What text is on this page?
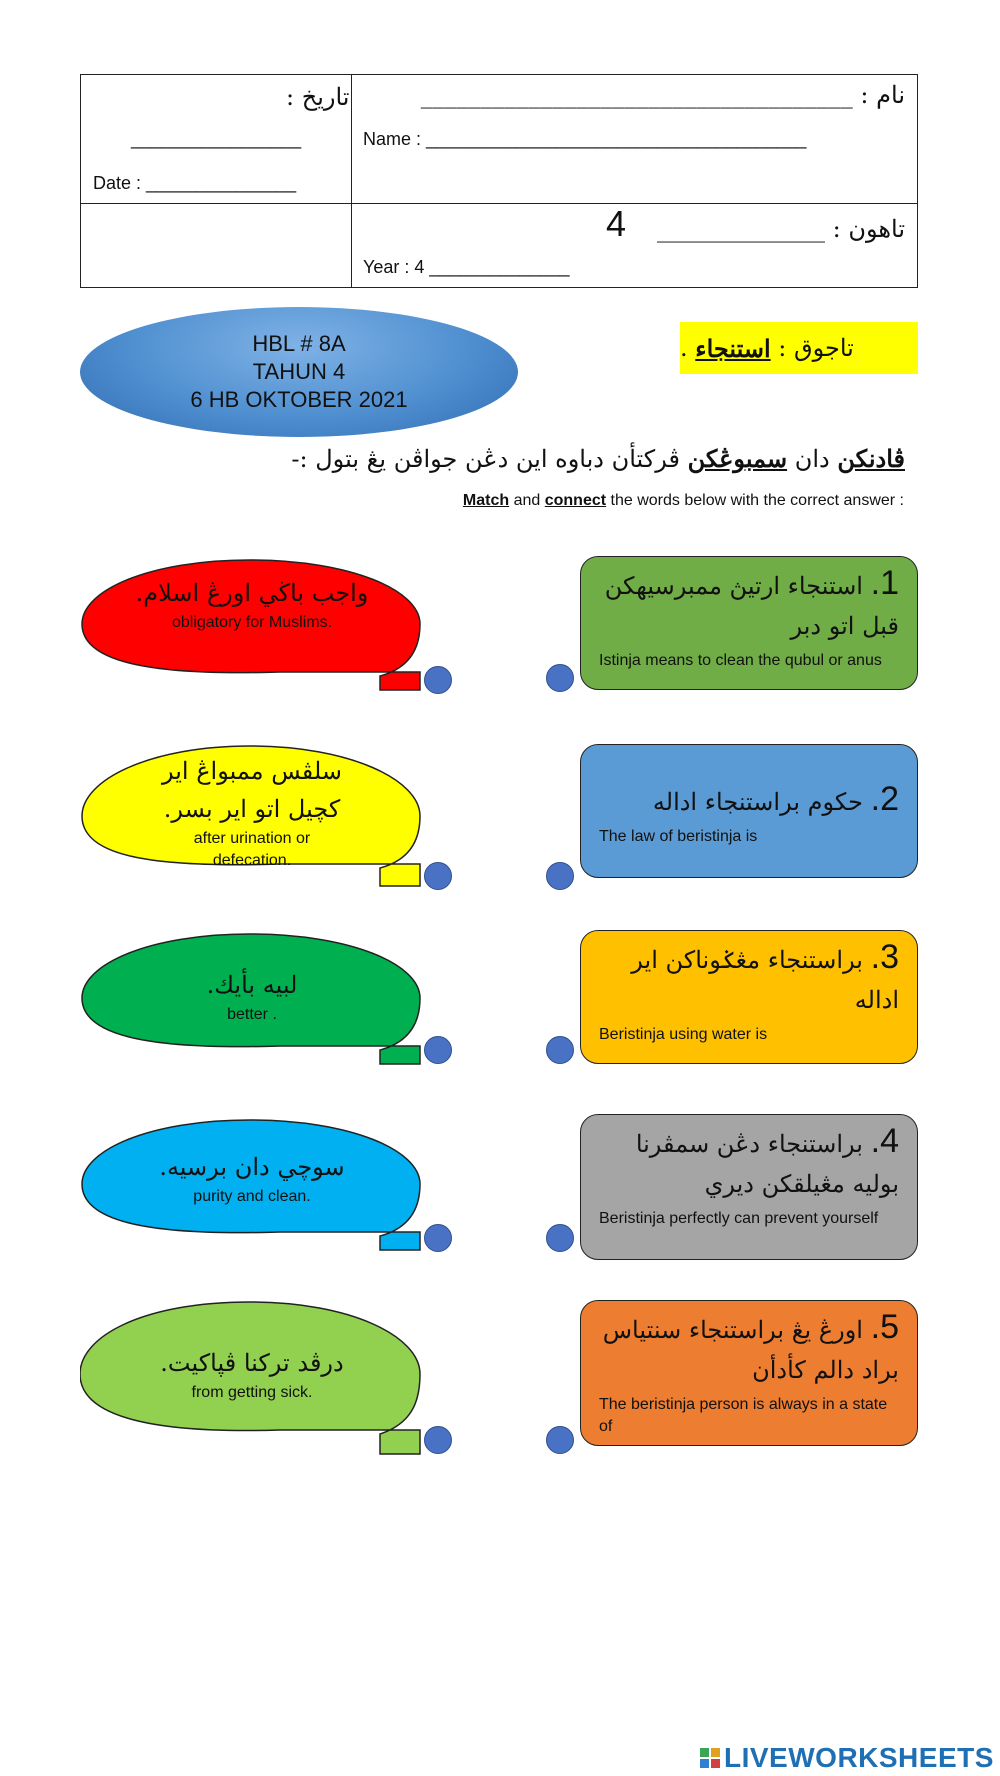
نام : ____________________________________
Name : ______________________________________
تاريخ :
_________________
Date : _______________
تاهون : ______________
4
Year : 4 ______________
HBL # 8A
TAHUN 4
6 HB OKTOBER 2021
تاجوق :

استنجاء

.
ڤادنكن دان سمبوڠكن ڤركتأن دباوه اين دڠن جواڤن يڠ بتول :-
Match and connect the words below with the correct answer :
1. استنجاء ارتيڽ ممبرسيهكن قبل اتو دبر
Istinja means to clean the qubul or anus
2. حكوم براستنجاء اداله
The law of beristinja is
3. براستنجاء مڠݢوناكن اير اداله
Beristinja using water is
4. براستنجاء دڠن سمڤرنا بوليه مڠيلقكن ديري
Beristinja perfectly can prevent yourself
5. اورڠ يڠ براستنجاء سنتياس براد دالم كأدأن
The beristinja person is always in a state of
واجب باڬي اورڠ اسلام.
obligatory for Muslims.
سلڤس ممبواڠ اير كچيل اتو اير بسر.
after urination or defecation.
لبيه بأيك.
better .
سوچي دان برسيه.
purity and clean.
درڤد تركنا ڤڽاكيت.
from getting sick.
LIVEWORKSHEETS
